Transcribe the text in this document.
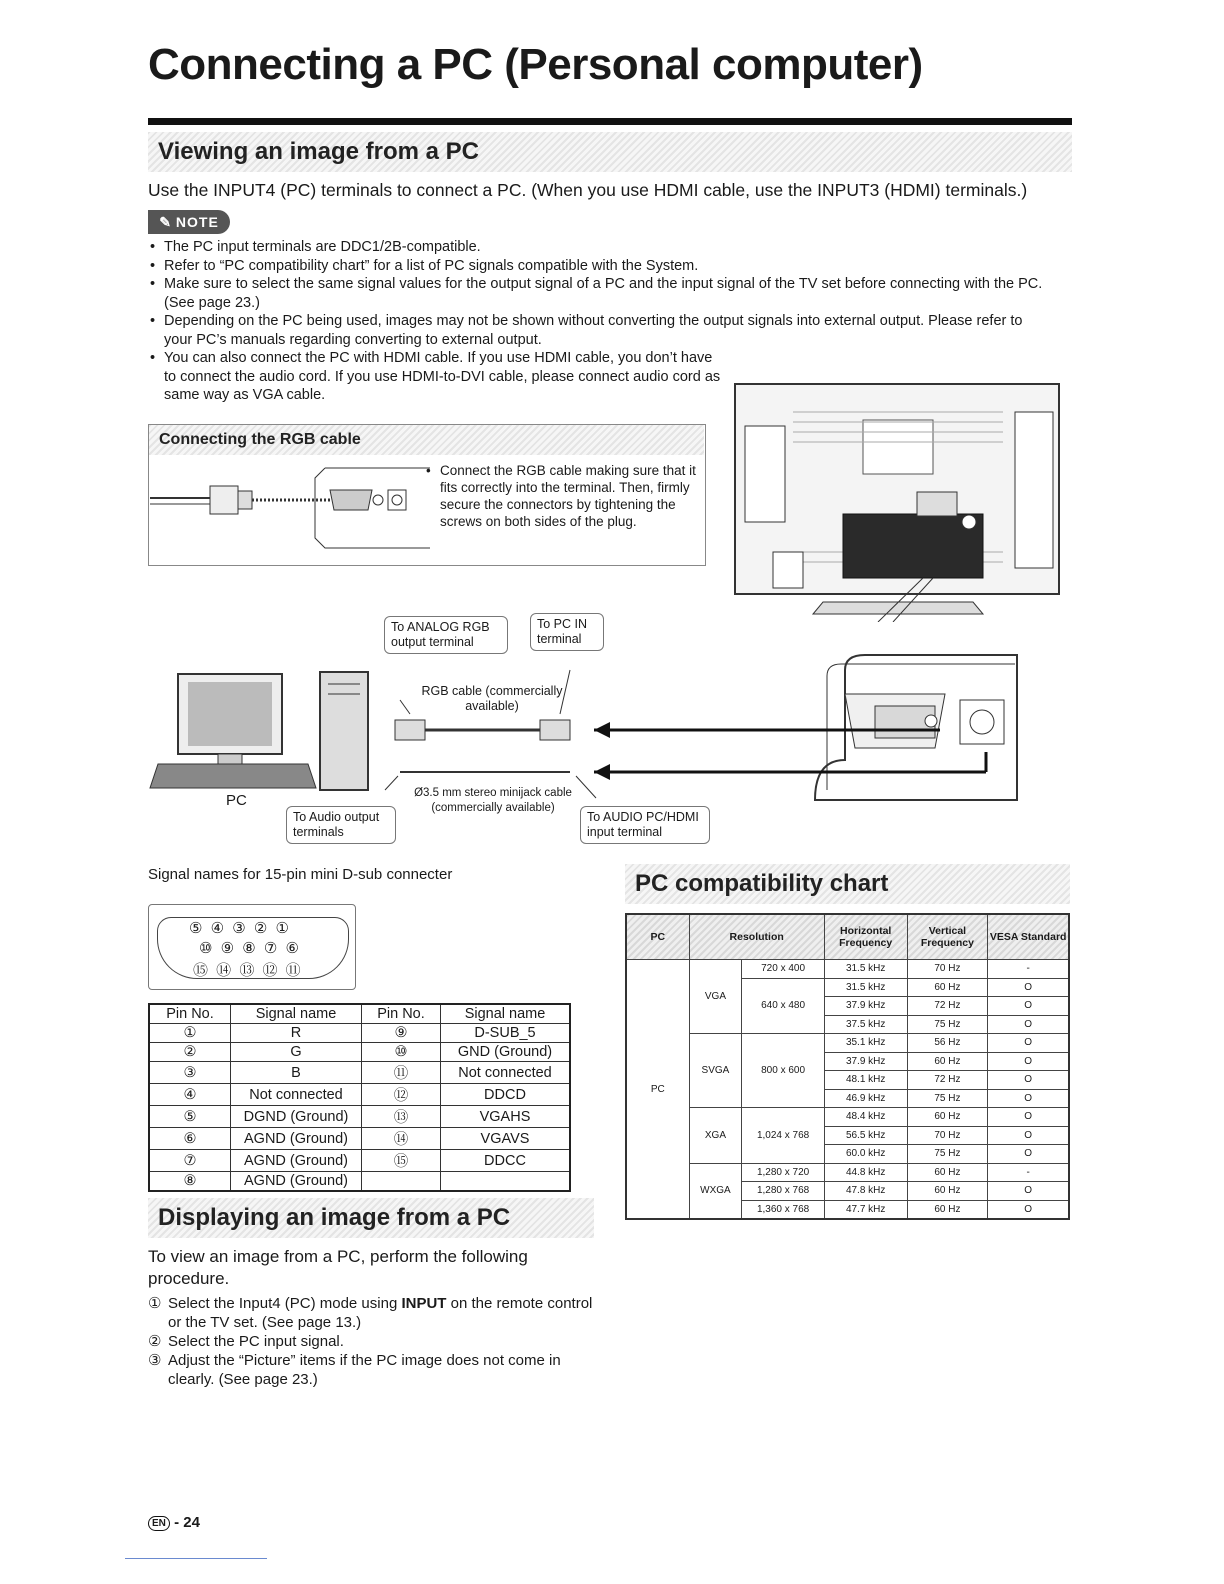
Connecting a PC (Personal computer)
Viewing an image from a PC
Use the INPUT4 (PC) terminals to connect a PC. (When you use HDMI cable, use the INPUT3 (HDMI) terminals.)
✎ NOTE
• The PC input terminals are DDC1/2B-compatible.
• Refer to “PC compatibility chart” for a list of PC signals compatible with the System.
• Make sure to select the same signal values for the output signal of a PC and the input signal of the TV set before connecting with the PC. (See page 23.)
• Depending on the PC being used, images may not be shown without converting the output signals into external output. Please refer to your PC’s manuals regarding converting to external output.
• You can also connect the PC with HDMI cable. If you use HDMI cable, you don’t have to connect the audio cord. If you use HDMI-to-DVI cable, please connect audio cord as same way as VGA cable.
Connecting the RGB cable
• Connect the RGB cable making sure that it fits correctly into the terminal. Then, firmly secure the connectors by tightening the screws on both sides of the plug.
PC
To ANALOG RGB output terminal
To PC IN terminal
RGB cable (commercially available)
Ø3.5 mm stereo minijack cable (commercially available)
To Audio output terminals
To AUDIO PC/HDMI input terminal
Signal names for 15-pin mini D-sub connecter
⑤ ④ ③ ② ①
⑩ ⑨ ⑧ ⑦ ⑥
⑮ ⑭ ⑬ ⑫ ⑪
Pin No.	Signal name	Pin No.	Signal name
①	R	⑨	D-SUB_5
②	G	⑩	GND (Ground)
③	B	⑪	Not connected
④	Not connected	⑫	DDCD
⑤	DGND (Ground)	⑬	VGAHS
⑥	AGND (Ground)	⑭	VGAVS
⑦	AGND (Ground)	⑮	DDCC
⑧	AGND (Ground)		
PC compatibility chart
PC	Resolution		Horizontal Frequency	Vertical Frequency	VESA Standard
PC	VGA	720 x 400	31.5 kHz	70 Hz	-
		640 x 480	31.5 kHz	60 Hz	O
			37.9 kHz	72 Hz	O
			37.5 kHz	75 Hz	O
	SVGA	800 x 600	35.1 kHz	56 Hz	O
			37.9 kHz	60 Hz	O
			48.1 kHz	72 Hz	O
			46.9 kHz	75 Hz	O
	XGA	1,024 x 768	48.4 kHz	60 Hz	O
			56.5 kHz	70 Hz	O
			60.0 kHz	75 Hz	O
	WXGA	1,280 x 720	44.8 kHz	60 Hz	-
		1,280 x 768	47.8 kHz	60 Hz	O
		1,360 x 768	47.7 kHz	60 Hz	O
Displaying an image from a PC
To view an image from a PC, perform the following procedure.
① Select the Input4 (PC) mode using INPUT on the remote control or the TV set. (See page 13.)
② Select the PC input signal.
③ Adjust the “Picture” items if the PC image does not come in clearly. (See page 23.)
EN - 24
